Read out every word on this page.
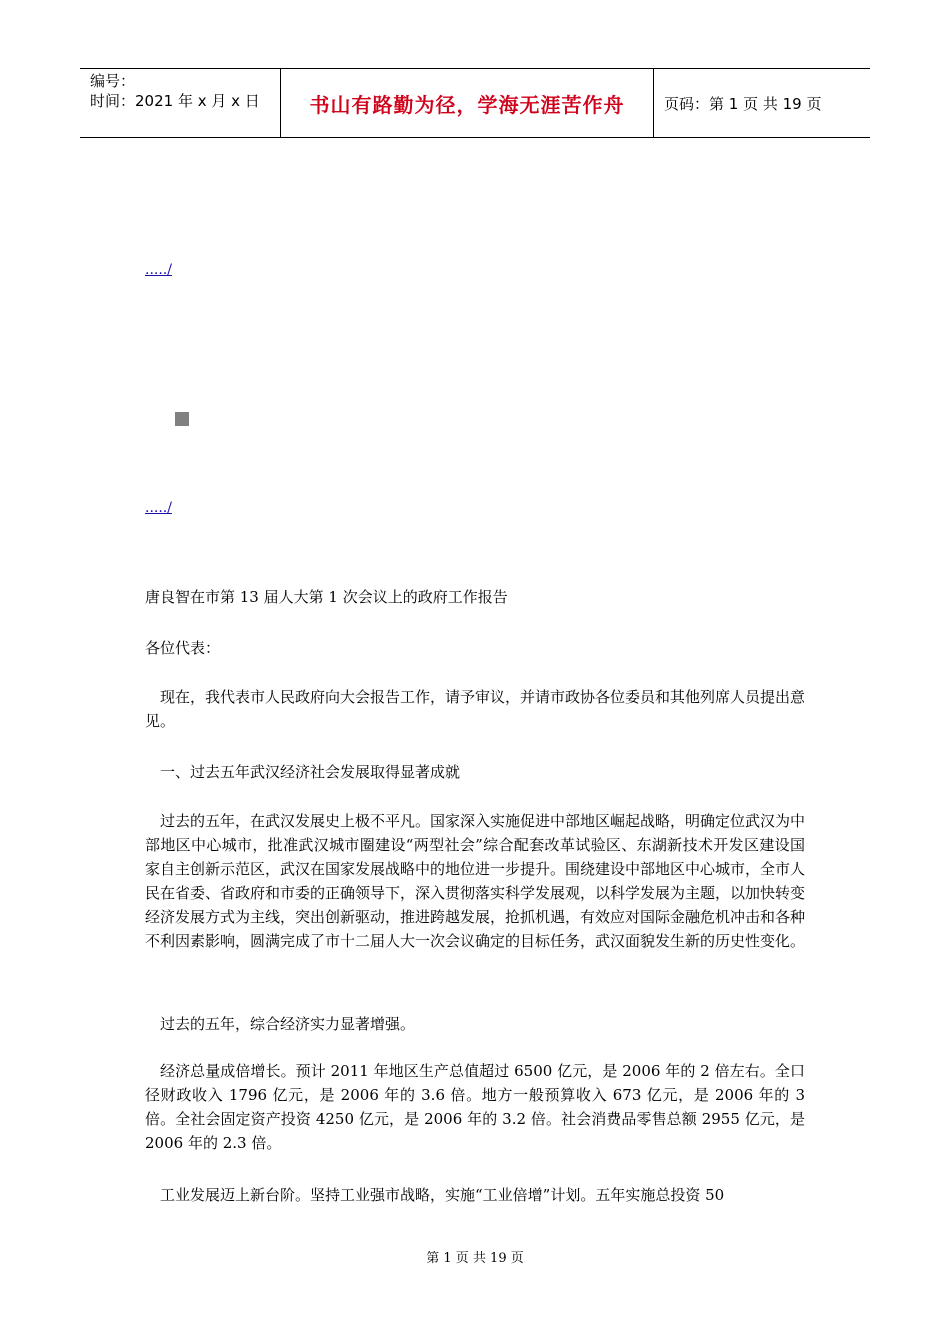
编号：
时间：2021 年 x 月 x 日	书山有路勤为径，学海无涯苦作舟	页码：第 1 页 共 19 页
...../
...../
唐良智在市第 13 届人大第 1 次会议上的政府工作报告
各位代表：
现在，我代表市人民政府向大会报告工作，请予审议，并请市政协各位委员和其他列席人员提出意见。
一、过去五年武汉经济社会发展取得显著成就
过去的五年，在武汉发展史上极不平凡。国家深入实施促进中部地区崛起战略，明确定位武汉为中部地区中心城市，批准武汉城市圈建设“两型社会”综合配套改革试验区、东湖新技术开发区建设国家自主创新示范区，武汉在国家发展战略中的地位进一步提升。围绕建设中部地区中心城市，全市人民在省委、省政府和市委的正确领导下，深入贯彻落实科学发展观，以科学发展为主题，以加快转变经济发展方式为主线，突出创新驱动，推进跨越发展，抢抓机遇，有效应对国际金融危机冲击和各种不利因素影响，圆满完成了市十二届人大一次会议确定的目标任务，武汉面貌发生新的历史性变化。
过去的五年，综合经济实力显著增强。
经济总量成倍增长。预计 2011 年地区生产总值超过 6500 亿元，是 2006 年的 2 倍左右。全口径财政收入 1796 亿元，是 2006 年的 3.6 倍。地方一般预算收入 673 亿元，是 2006 年的 3 倍。全社会固定资产投资 4250 亿元，是 2006 年的 3.2 倍。社会消费品零售总额 2955 亿元，是 2006 年的 2.3 倍。
工业发展迈上新台阶。坚持工业强市战略，实施“工业倍增”计划。五年实施总投资 50
第 1 页 共 19 页
